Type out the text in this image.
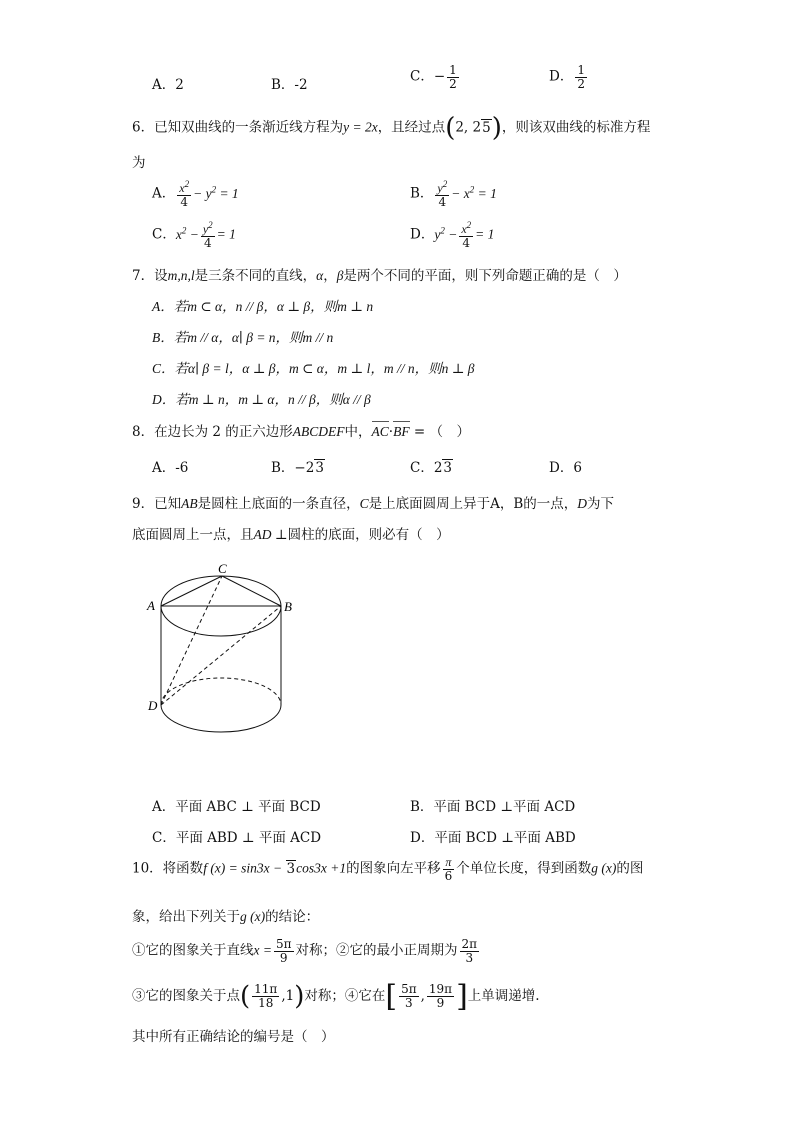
A．2	B．-2
C．− $\frac{1}{2}$	D． $\frac{1}{2}$
6．已知双曲线的一条渐近线方程为y = 2x，且经过点(2, 25)，则该双曲线的标准方程
为
A． $\frac{x^2}{4} - y^2 = 1$	B． $\frac{y^2}{4} - x^2 = 1$
C．$x^2 - \frac{y^2}{4} = 1$	D．$y^2 - \frac{x^2}{4} = 1$
7．设m,n,l是三条不同的直线，α，β是两个不同的平面，则下列命题正确的是（　）
A．若m ⊂ α，n // β，α ⊥ β，则m ⊥ n
B．若m // α，α∣ β = n，则m // n
C．若α∣ β = l，α ⊥ β，m ⊂ α，m ⊥ l，m // n，则n ⊥ β
D．若m ⊥ n，m ⊥ α，n // β，则α // β
8．在边长为 2 的正六边形ABCDEF中，AC·BF = （　）
A．-6	B．−23	C．23	D．6
9．已知AB是圆柱上底面的一条直径，C是上底面圆周上异于A，B的一点，D为下
底面圆周上一点，且AD ⊥圆柱的底面，则必有（　）
C
A	B
D
A．平面 ABC ⊥ 平面 BCD	B．平面 BCD ⊥平面 ACD
C．平面 ABD ⊥ 平面 ACD	D．平面 BCD ⊥平面 ABD
10．将函数f (x) = sin3x − 3cos3x +1的图象向左平移 $\frac{\pi}{6}$ 个单位长度，得到函数g (x)的图
象，给出下列关于g (x)的结论：
①它的图象关于直线$x = \frac{5\pi}{9}$ 对称；②它的最小正周期为 $\frac{2\pi}{3}$
③它的图象关于点( $\frac{11\pi}{18} ,1$)对称；④它在[ $\frac{5\pi}{3}$ , $\frac{19\pi}{9}$ ]上单调递增.
其中所有正确结论的编号是（　）
